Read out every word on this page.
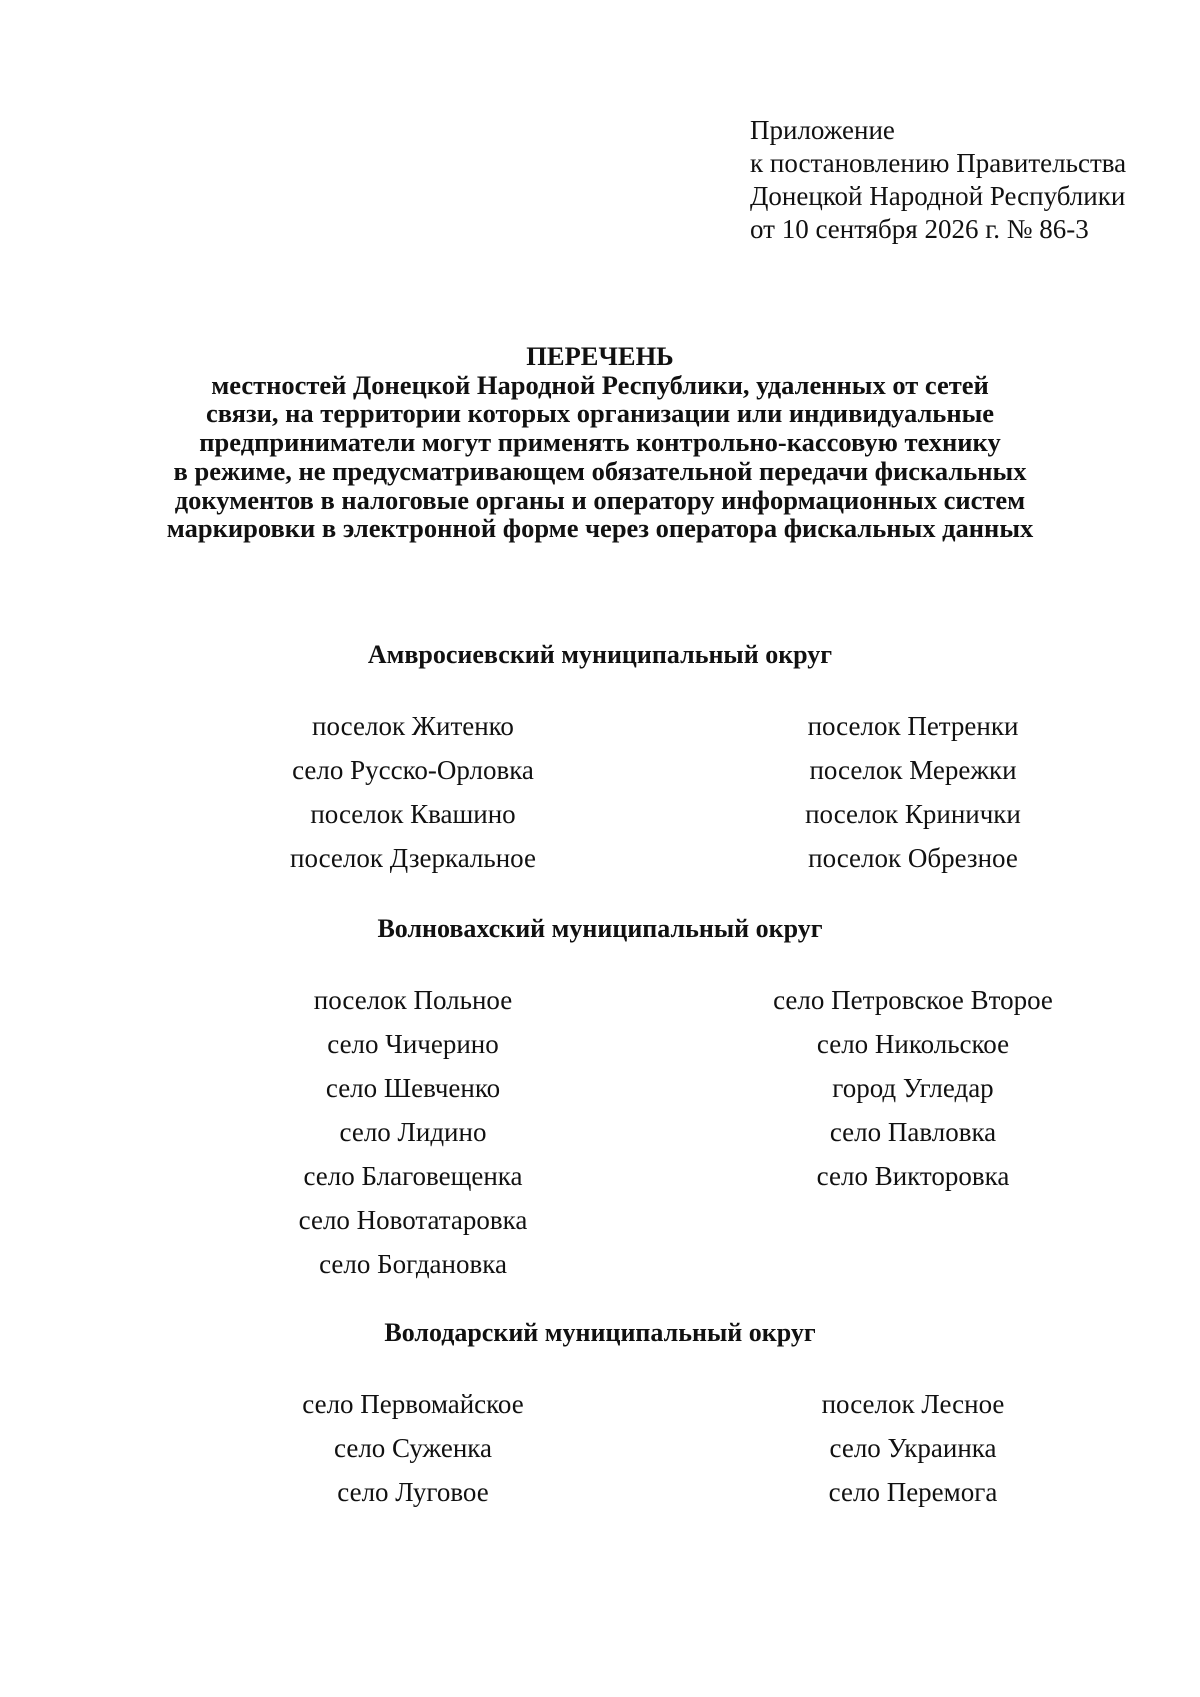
Приложение
к постановлению Правительства
Донецкой Народной Республики
от 10 сентября 2026 г. № 86-3
ПЕРЕЧЕНЬ
местностей Донецкой Народной Республики, удаленных от сетей
связи, на территории которых организации или индивидуальные
предприниматели могут применять контрольно-кассовую технику
в режиме, не предусматривающем обязательной передачи фискальных
документов в налоговые органы и оператору информационных систем
маркировки в электронной форме через оператора фискальных данных
Амвросиевский муниципальный округ
поселок Житенко
село Русско-Орловка
поселок Квашино
поселок Дзеркальное
поселок Петренки
поселок Мережки
поселок Кринички
поселок Обрезное
Волновахский муниципальный округ
поселок Польное
село Чичерино
село Шевченко
село Лидино
село Благовещенка
село Новотатаровка
село Богдановка
село Петровское Второе
село Никольское
город Угледар
село Павловка
село Викторовка
Володарский муниципальный округ
село Первомайское
село Суженка
село Луговое
поселок Лесное
село Украинка
село Перемога
